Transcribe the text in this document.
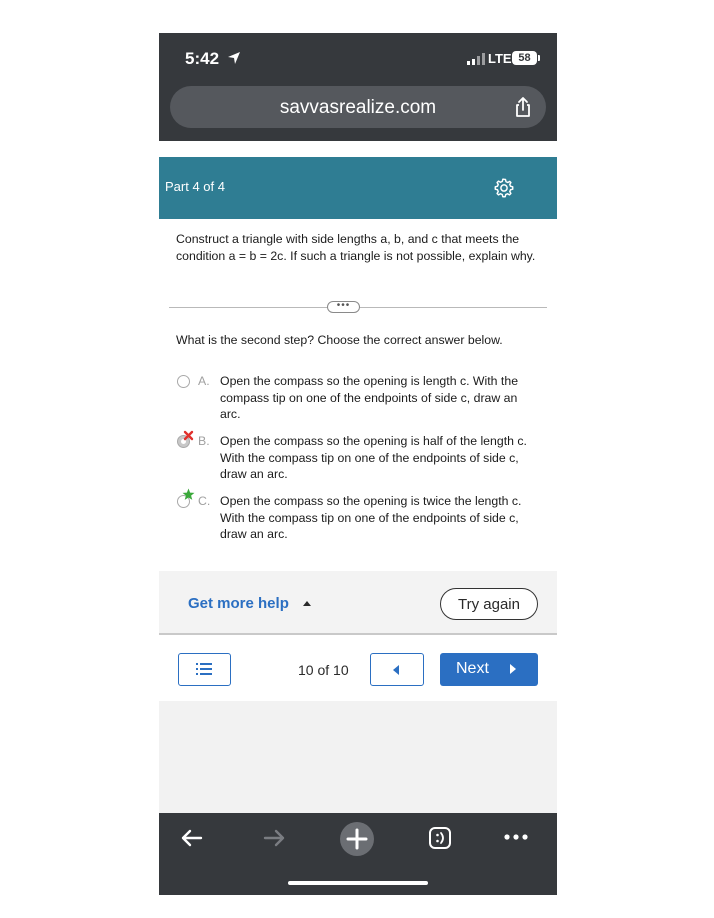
5:42	LTE 58
savvasrealize.com
Part 4 of 4

Construct a triangle with side lengths a, b, and c that meets the condition a = b = 2c. If such a triangle is not possible, explain why.

•••

What is the second step? Choose the correct answer below.

A. Open the compass so the opening is length c. With the compass tip on one of the endpoints of side c, draw an arc.
B. Open the compass so the opening is half of the length c. With the compass tip on one of the endpoints of side c, draw an arc.
C. Open the compass so the opening is twice the length c. With the compass tip on one of the endpoints of side c, draw an arc.
Get more help	Try again
10 of 10	Next
